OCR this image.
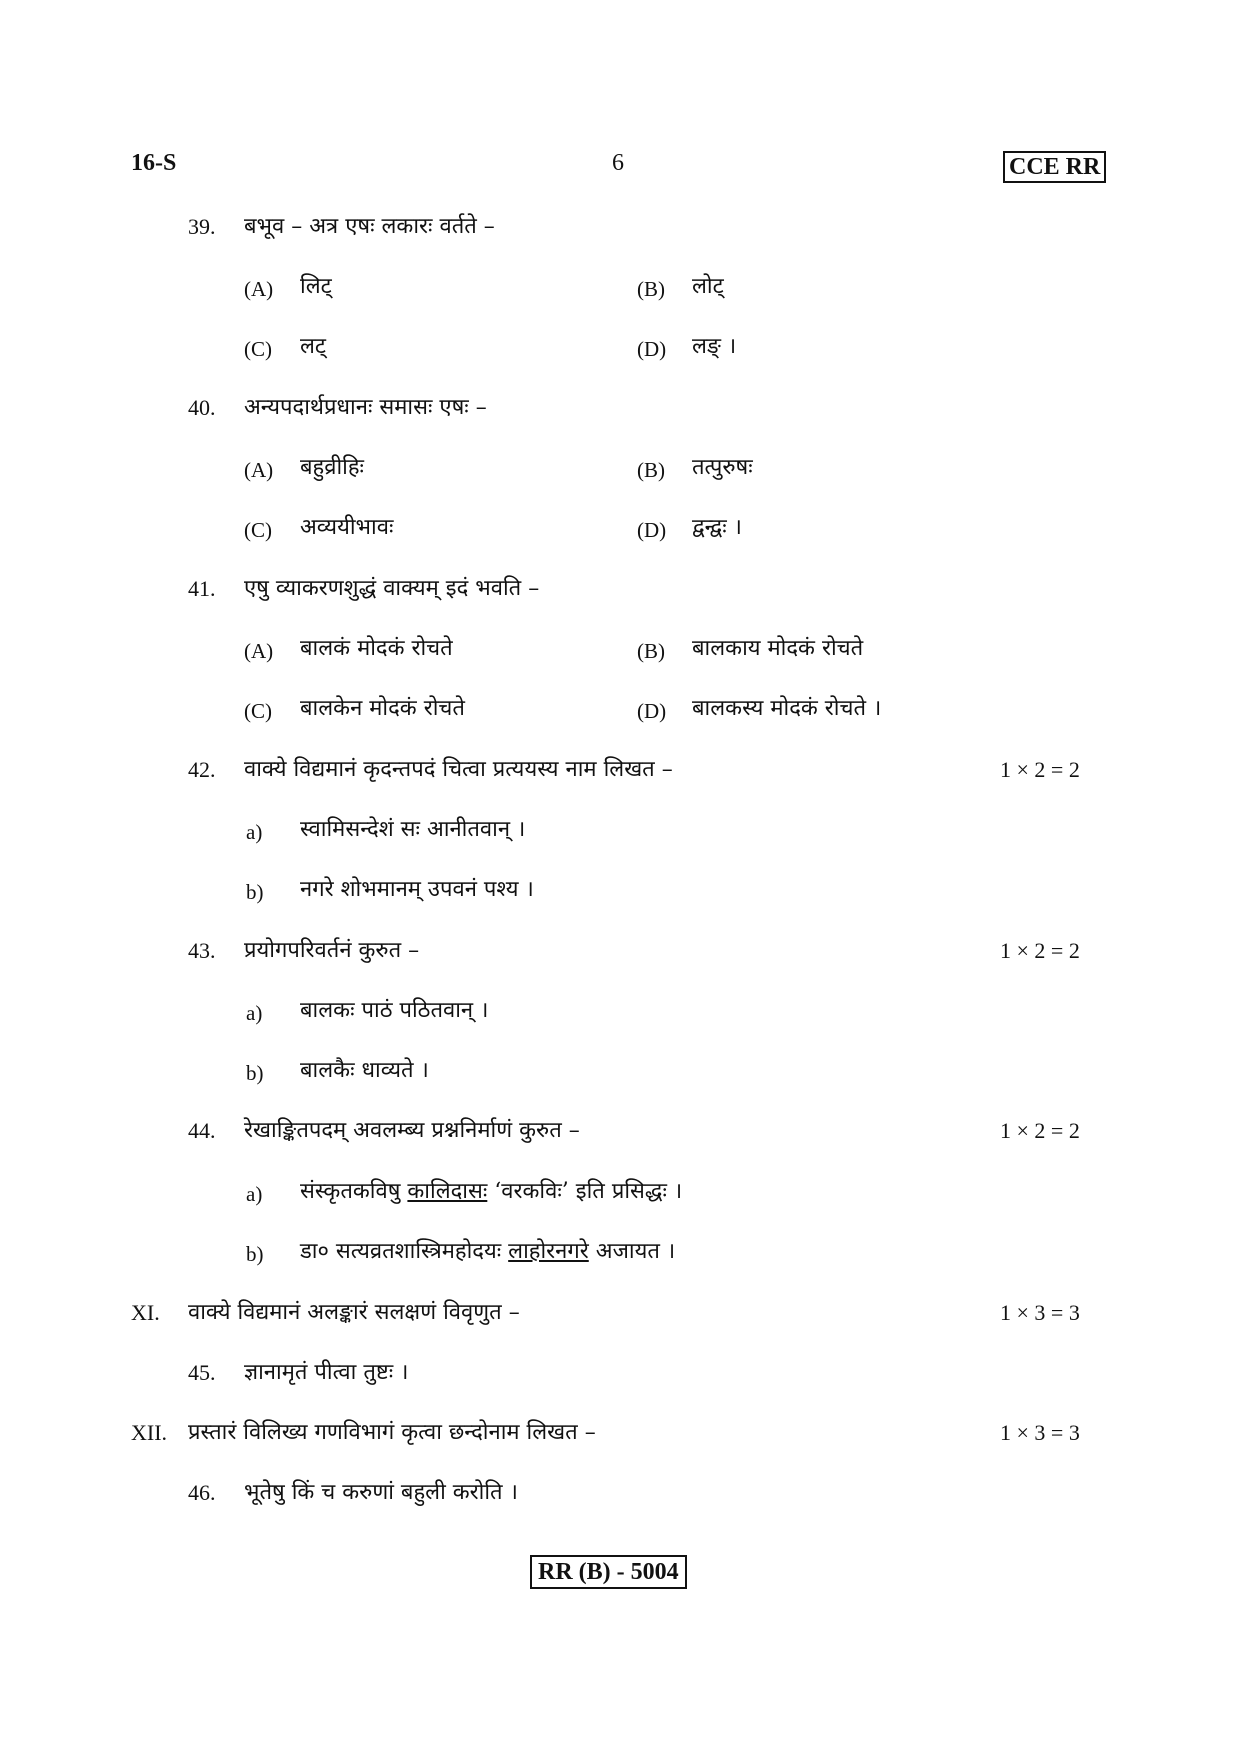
16-S	6	CCE RR
39. बभूव – अत्र एषः लकारः वर्तते –
(A) लिट्	(B) लोट्
(C) लट्	(D) लङ् ।
40. अन्यपदार्थप्रधानः समासः एषः –
(A) बहुव्रीहिः	(B) तत्पुरुषः
(C) अव्ययीभावः	(D) द्वन्द्वः ।
41. एषु व्याकरणशुद्धं वाक्यम् इदं भवति –
(A) बालकं मोदकं रोचते	(B) बालकाय मोदकं रोचते
(C) बालकेन मोदकं रोचते	(D) बालकस्य मोदकं रोचते ।
42. वाक्ये विद्यमानं कृदन्तपदं चित्वा प्रत्ययस्य नाम लिखत –	1 × 2 = 2
a) स्वामिसन्देशं सः आनीतवान् ।
b) नगरे शोभमानम् उपवनं पश्य ।
43. प्रयोगपरिवर्तनं कुरुत –	1 × 2 = 2
a) बालकः पाठं पठितवान् ।
b) बालकैः धाव्यते ।
44. रेखाङ्कितपदम् अवलम्ब्य प्रश्ननिर्माणं कुरुत –	1 × 2 = 2
a) संस्कृतकविषु कालिदासः ‘वरकविः’ इति प्रसिद्धः ।
b) डा० सत्यव्रतशास्त्रिमहोदयः लाहोरनगरे अजायत ।
XI. वाक्ये विद्यमानं अलङ्कारं सलक्षणं विवृणुत –	1 × 3 = 3
45. ज्ञानामृतं पीत्वा तुष्टः ।
XII. प्रस्तारं विलिख्य गणविभागं कृत्वा छन्दोनाम लिखत –	1 × 3 = 3
46. भूतेषु किं च करुणां बहुली करोति ।
RR (B) - 5004
